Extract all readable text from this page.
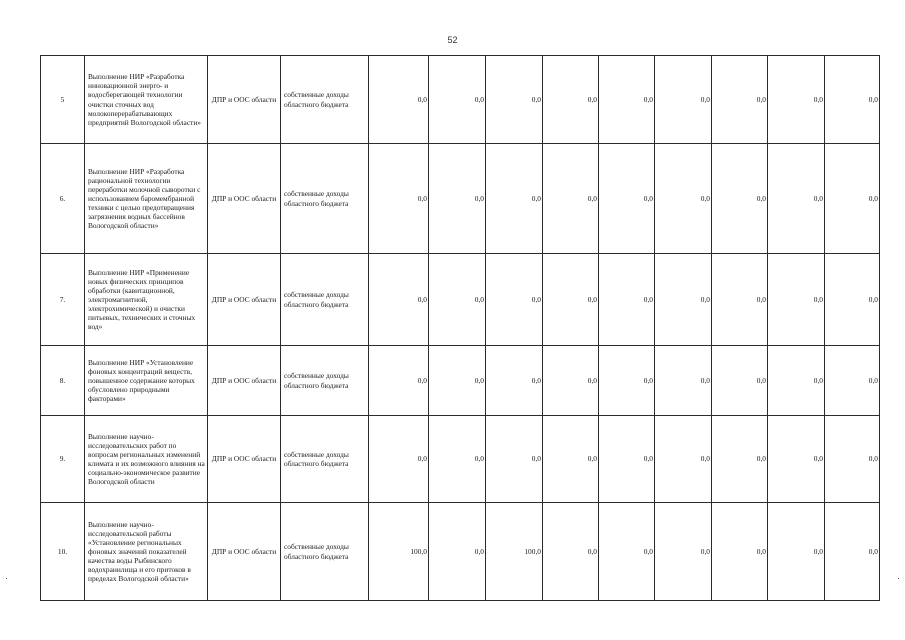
52
5	Выполнение НИР «Разработка инновационной энерго- и водосберегающей технологии очистки сточных вод молокоперерабатывающих предприятий Вологодской области»	ДПР и ООС области	собственные доходы областного бюджета	0,0	0,0	0,0	0,0	0,0	0,0	0,0	0,0	0,0
6.	Выполнение НИР «Разработка рациональной технологии переработки молочной сыворотки с использованием баромембранной техники с целью предотвращения загрязнения водных бассейнов Вологодской области»	ДПР и ООС области	собственные доходы областного бюджета	0,0	0,0	0,0	0,0	0,0	0,0	0,0	0,0	0,0
7.	Выполнение НИР «Применение новых физических принципов обработки (кавитационной, электромагнитной, электрохимической) и очистки питьевых, технических и сточных вод»	ДПР и ООС области	собственные доходы областного бюджета	0,0	0,0	0,0	0,0	0,0	0,0	0,0	0,0	0,0
8.	Выполнение НИР «Установление фоновых концентраций веществ, повышенное содержание которых обусловлено природными факторами»	ДПР и ООС области	собственные доходы областного бюджета	0,0	0,0	0,0	0,0	0,0	0,0	0,0	0,0	0,0
9.	Выполнение научно-исследовательских работ по вопросам региональных изменений климата и их возможного влияния на социально-экономическое развитие Вологодской области	ДПР и ООС области	собственные доходы областного бюджета	0,0	0,0	0,0	0,0	0,0	0,0	0,0	0,0	0,0
10.	Выполнение научно-исследовательской работы «Установление региональных фоновых значений показателей качества воды Рыбинского водохранилища и его притоков в пределах Вологодской области»	ДПР и ООС области	собственные доходы областного бюджета	100,0	0,0	100,0	0,0	0,0	0,0	0,0	0,0	0,0
